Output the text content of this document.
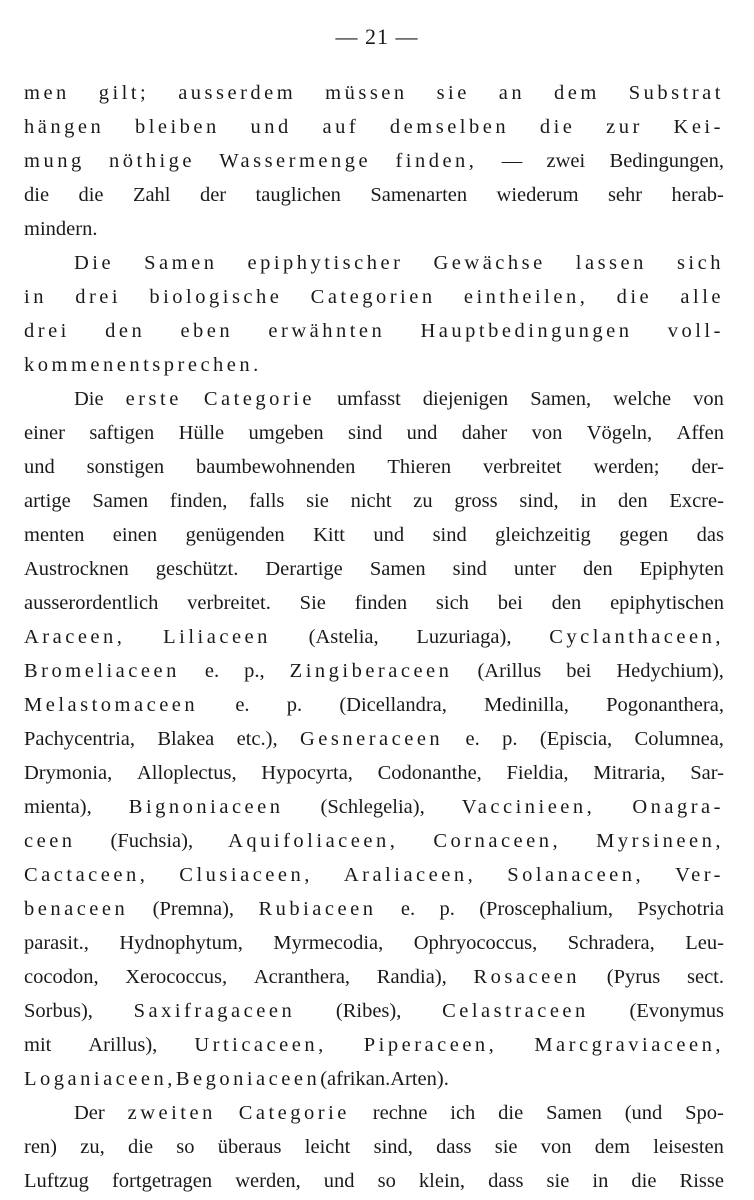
— 21 —
men gilt; ausserdem müssen sie an dem Substrat
hängen bleiben und auf demselben die zur Kei-
mung nöthige Wassermenge finden, — zwei Bedingungen,
die die Zahl der tauglichen Samenarten wiederum sehr herab-
mindern.
Die Samen epiphytischer Gewächse lassen sich
in drei biologische Categorien eintheilen, die alle
drei den eben erwähnten Hauptbedingungen voll-
kommen entsprechen.
Die erste Categorie umfasst diejenigen Samen, welche von
einer saftigen Hülle umgeben sind und daher von Vögeln, Affen
und sonstigen baumbewohnenden Thieren verbreitet werden; der-
artige Samen finden, falls sie nicht zu gross sind, in den Excre-
menten einen genügenden Kitt und sind gleichzeitig gegen das
Austrocknen geschützt. Derartige Samen sind unter den Epiphyten
ausserordentlich verbreitet. Sie finden sich bei den epiphytischen
Araceen, Liliaceen (Astelia, Luzuriaga), Cyclanthaceen,
Bromeliaceen e. p., Zingiberaceen (Arillus bei Hedychium),
Melastomaceen e. p. (Dicellandra, Medinilla, Pogonanthera,
Pachycentria, Blakea etc.), Gesneraceen e. p. (Episcia, Columnea,
Drymonia, Alloplectus, Hypocyrta, Codonanthe, Fieldia, Mitraria, Sar-
mienta), Bignoniaceen (Schlegelia), Vaccinieen, Onagra-
ceen (Fuchsia), Aquifoliaceen, Cornaceen, Myrsineen,
Cactaceen, Clusiaceen, Araliaceen, Solanaceen, Ver-
benaceen (Premna), Rubiaceen e. p. (Proscephalium, Psychotria
parasit., Hydnophytum, Myrmecodia, Ophryococcus, Schradera, Leu-
cocodon, Xerococcus, Acranthera, Randia), Rosaceen (Pyrus sect.
Sorbus), Saxifragaceen (Ribes), Celastraceen (Evonymus
mit Arillus), Urticaceen, Piperaceen, Marcgraviaceen,
Loganiaceen, Begoniaceen (afrikan. Arten).
Der zweiten Categorie rechne ich die Samen (und Spo-
ren) zu, die so überaus leicht sind, dass sie von dem leisesten
Luftzug fortgetragen werden, und so klein, dass sie in die Risse
